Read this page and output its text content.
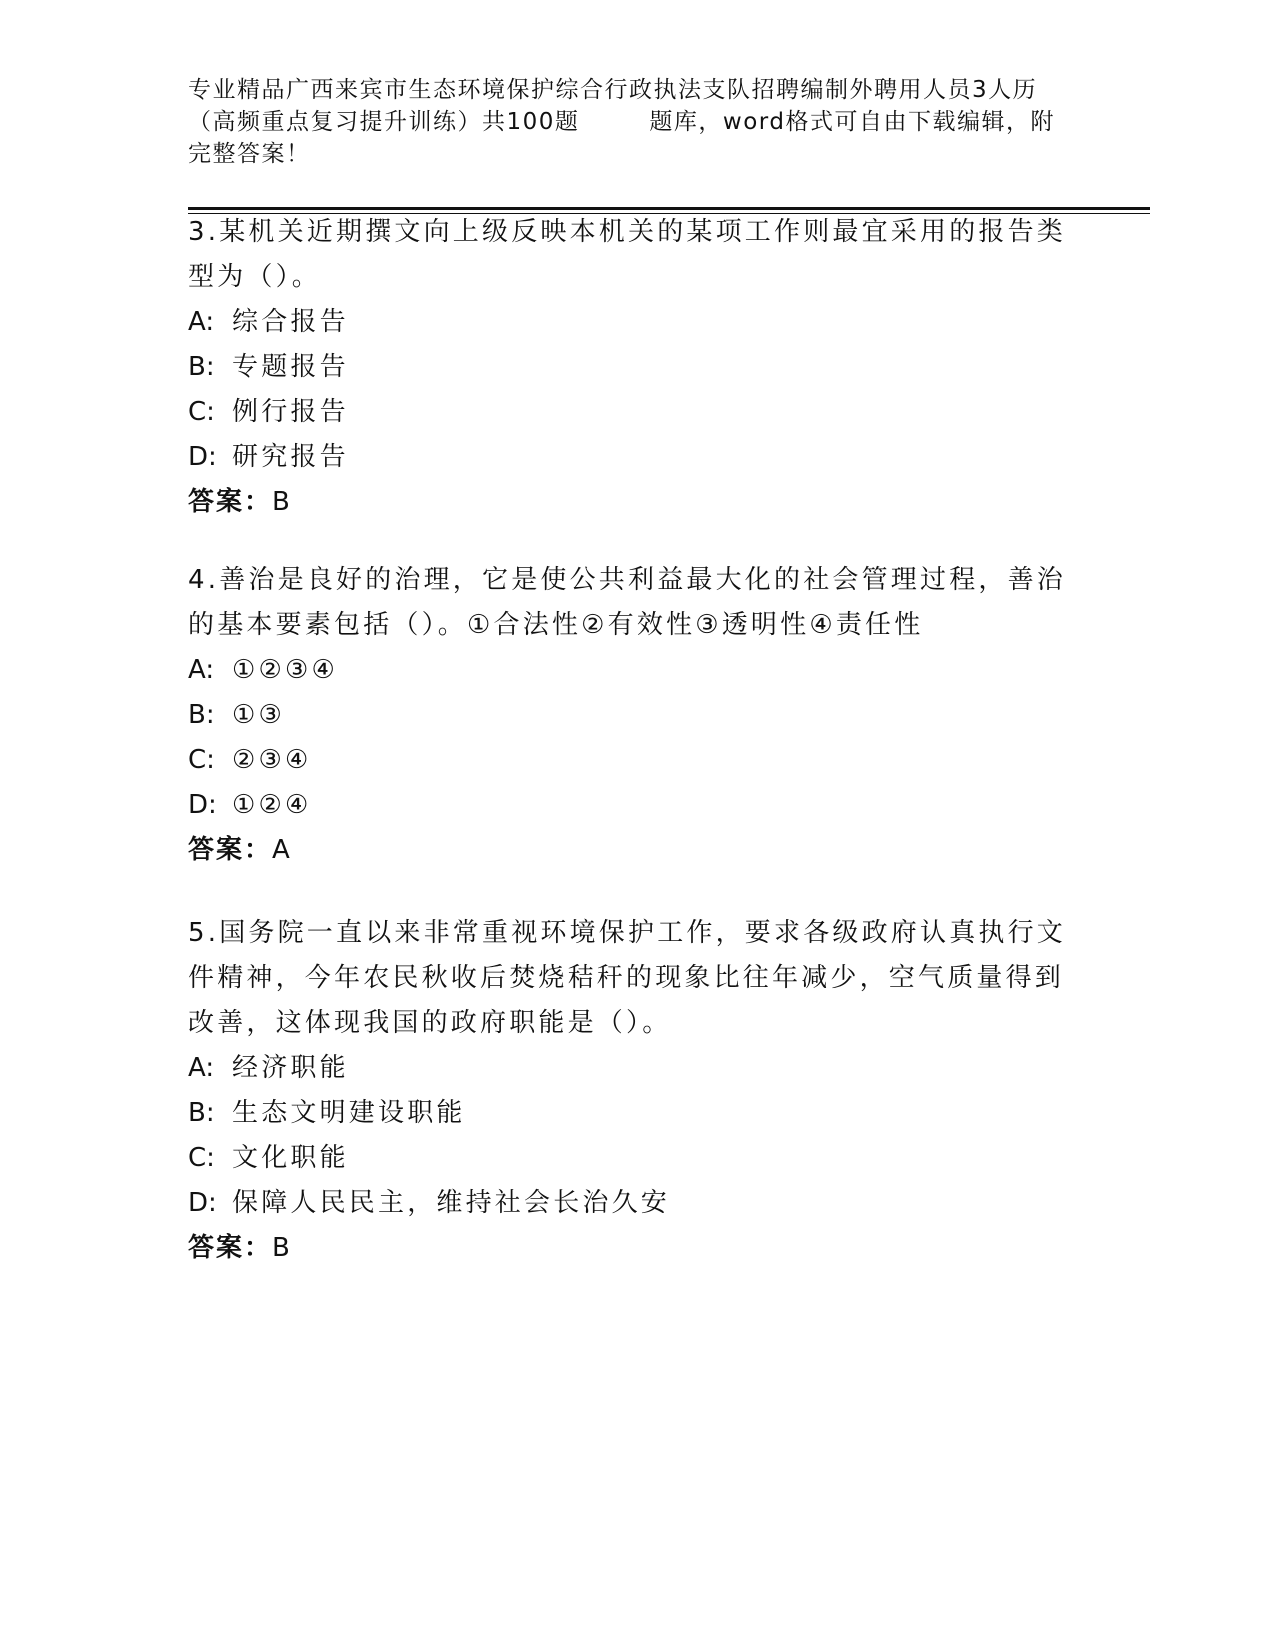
专业精品广西来宾市生态环境保护综合行政执法支队招聘编制外聘用人员3人历（高频重点复习提升训练）共100题	题库，word格式可自由下载编辑，附完整答案！

3.某机关近期撰文向上级反映本机关的某项工作则最宜采用的报告类型为（）。

A: 综合报告

B: 专题报告

C: 例行报告

D: 研究报告

答案：B

4.善治是良好的治理，它是使公共利益最大化的社会管理过程，善治的基本要素包括（）。①合法性②有效性③透明性④责任性

A: ①②③④

B: ①③

C: ②③④

D: ①②④

答案：A

5.国务院一直以来非常重视环境保护工作，要求各级政府认真执行文件精神，今年农民秋收后焚烧秸秆的现象比往年减少，空气质量得到改善，这体现我国的政府职能是（）。

A: 经济职能

B: 生态文明建设职能

C: 文化职能

D: 保障人民民主，维持社会长治久安

答案：B
